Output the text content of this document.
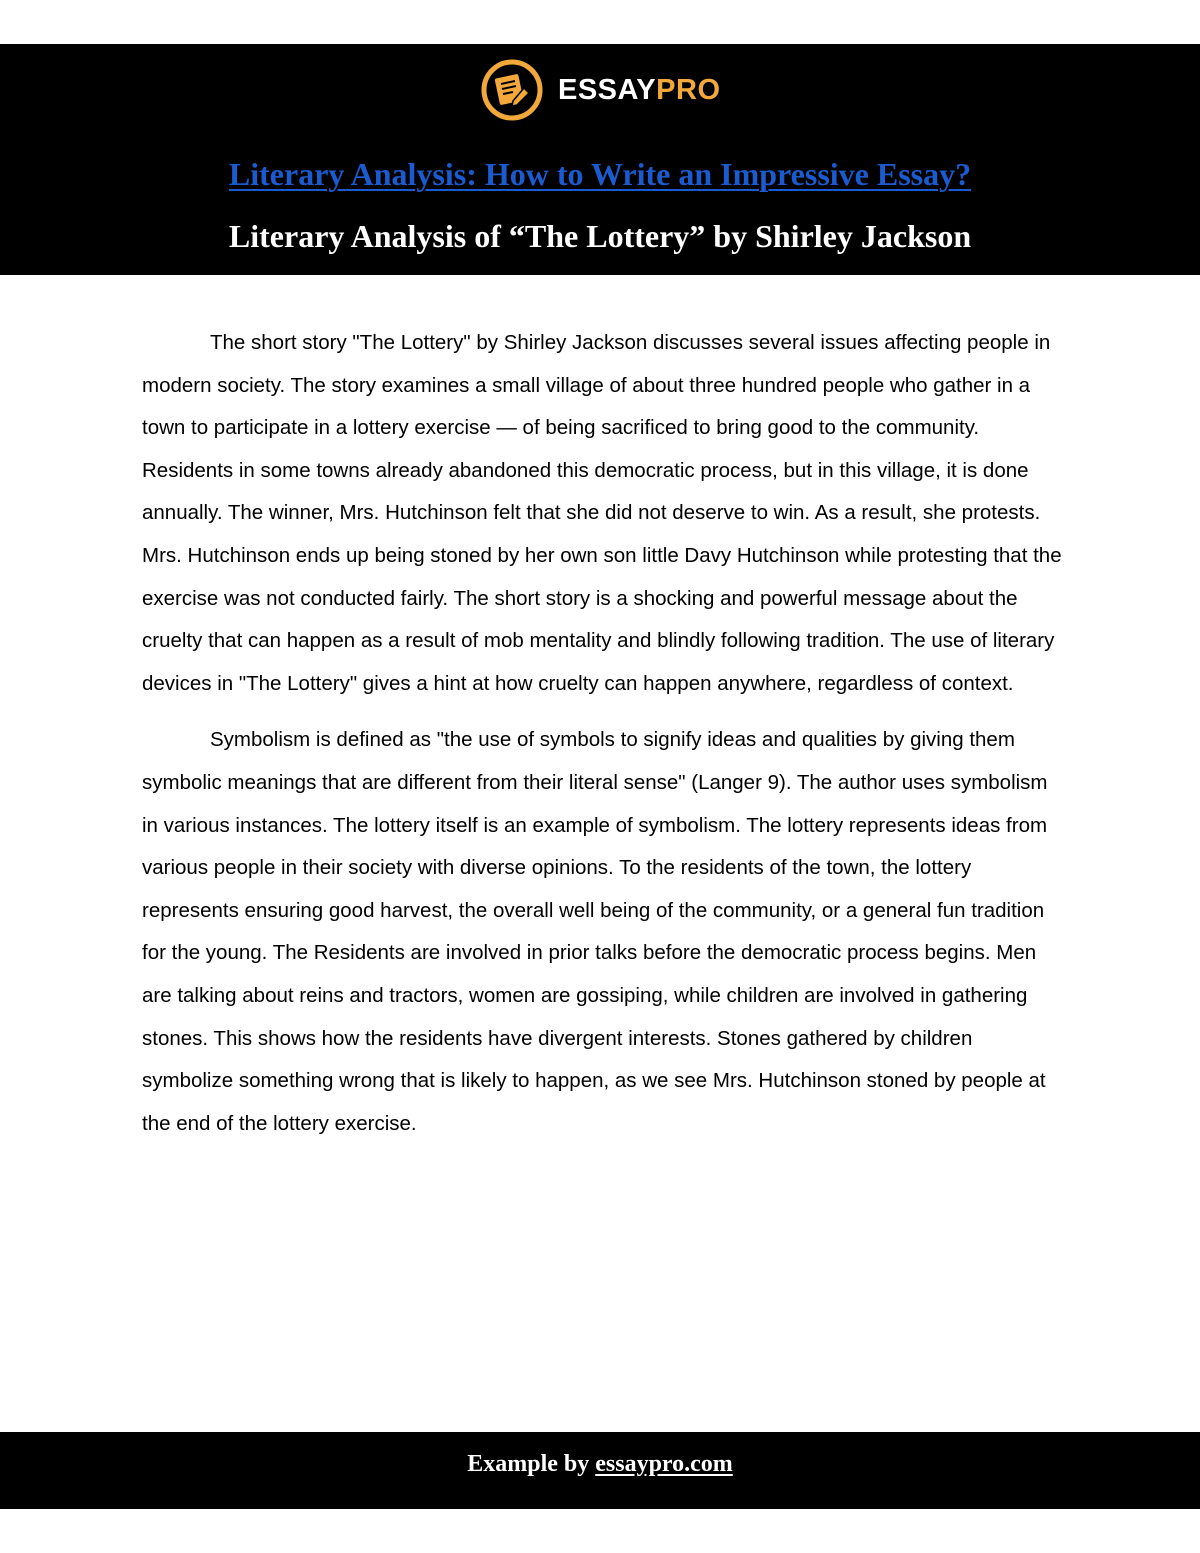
ESSAYPRO
Literary Analysis: How to Write an Impressive Essay?
Literary Analysis of “The Lottery” by Shirley Jackson

The short story "The Lottery" by Shirley Jackson discusses several issues affecting people in modern society. The story examines a small village of about three hundred people who gather in a town to participate in a lottery exercise — of being sacrificed to bring good to the community. Residents in some towns already abandoned this democratic process, but in this village, it is done annually. The winner, Mrs. Hutchinson felt that she did not deserve to win. As a result, she protests. Mrs. Hutchinson ends up being stoned by her own son little Davy Hutchinson while protesting that the exercise was not conducted fairly. The short story is a shocking and powerful message about the cruelty that can happen as a result of mob mentality and blindly following tradition. The use of literary devices in "The Lottery" gives a hint at how cruelty can happen anywhere, regardless of context.

Symbolism is defined as "the use of symbols to signify ideas and qualities by giving them symbolic meanings that are different from their literal sense" (Langer 9). The author uses symbolism in various instances. The lottery itself is an example of symbolism. The lottery represents ideas from various people in their society with diverse opinions. To the residents of the town, the lottery represents ensuring good harvest, the overall well being of the community, or a general fun tradition for the young. The Residents are involved in prior talks before the democratic process begins. Men are talking about reins and tractors, women are gossiping, while children are involved in gathering stones. This shows how the residents have divergent interests. Stones gathered by children symbolize something wrong that is likely to happen, as we see Mrs. Hutchinson stoned by people at the end of the lottery exercise.

Example by essaypro.com
